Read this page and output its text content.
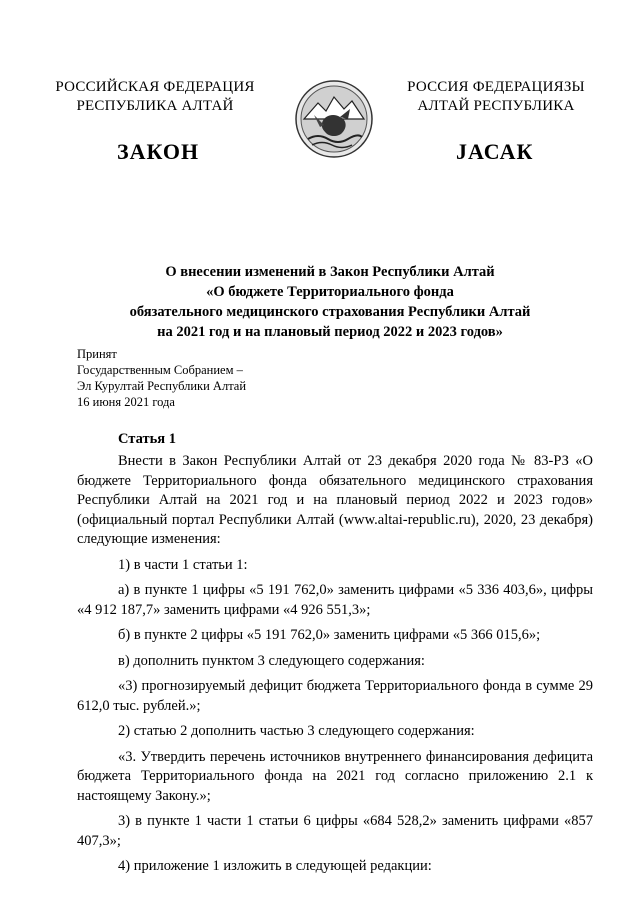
РОССИЙСКАЯ ФЕДЕРАЦИЯ
РЕСПУБЛИКА АЛТАЙ
РОССИЯ ФЕДЕРАЦИЯЗЫ
АЛТАЙ РЕСПУБЛИКА
ЗАКОН	JАСАК
О внесении изменений в Закон Республики Алтай
«О бюджете Территориального фонда
обязательного медицинского страхования Республики Алтай
на 2021 год и на плановый период 2022 и 2023 годов»
Принят
Государственным Собранием –
Эл Курултай Республики Алтай
16 июня 2021 года
Статья 1

Внести в Закон Республики Алтай от 23 декабря 2020 года № 83-РЗ «О бюджете Территориального фонда обязательного медицинского страхования Республики Алтай на 2021 год и на плановый период 2022 и 2023 годов» (официальный портал Республики Алтай (www.altai-republic.ru), 2020, 23 декабря) следующие изменения:

1) в части 1 статьи 1:

а) в пункте 1 цифры «5 191 762,0» заменить цифрами «5 336 403,6», цифры «4 912 187,7» заменить цифрами «4 926 551,3»;

б) в пункте 2 цифры «5 191 762,0» заменить цифрами «5 366 015,6»;

в) дополнить пунктом 3 следующего содержания:

«3) прогнозируемый дефицит бюджета Территориального фонда в сумме 29 612,0 тыс. рублей.»;

2) статью 2 дополнить частью 3 следующего содержания:

«3. Утвердить перечень источников внутреннего финансирования дефицита бюджета Территориального фонда на 2021 год согласно приложению 2.1 к настоящему Закону.»;

3) в пункте 1 части 1 статьи 6 цифры «684 528,2» заменить цифрами «857 407,3»;

4) приложение 1 изложить в следующей редакции:
